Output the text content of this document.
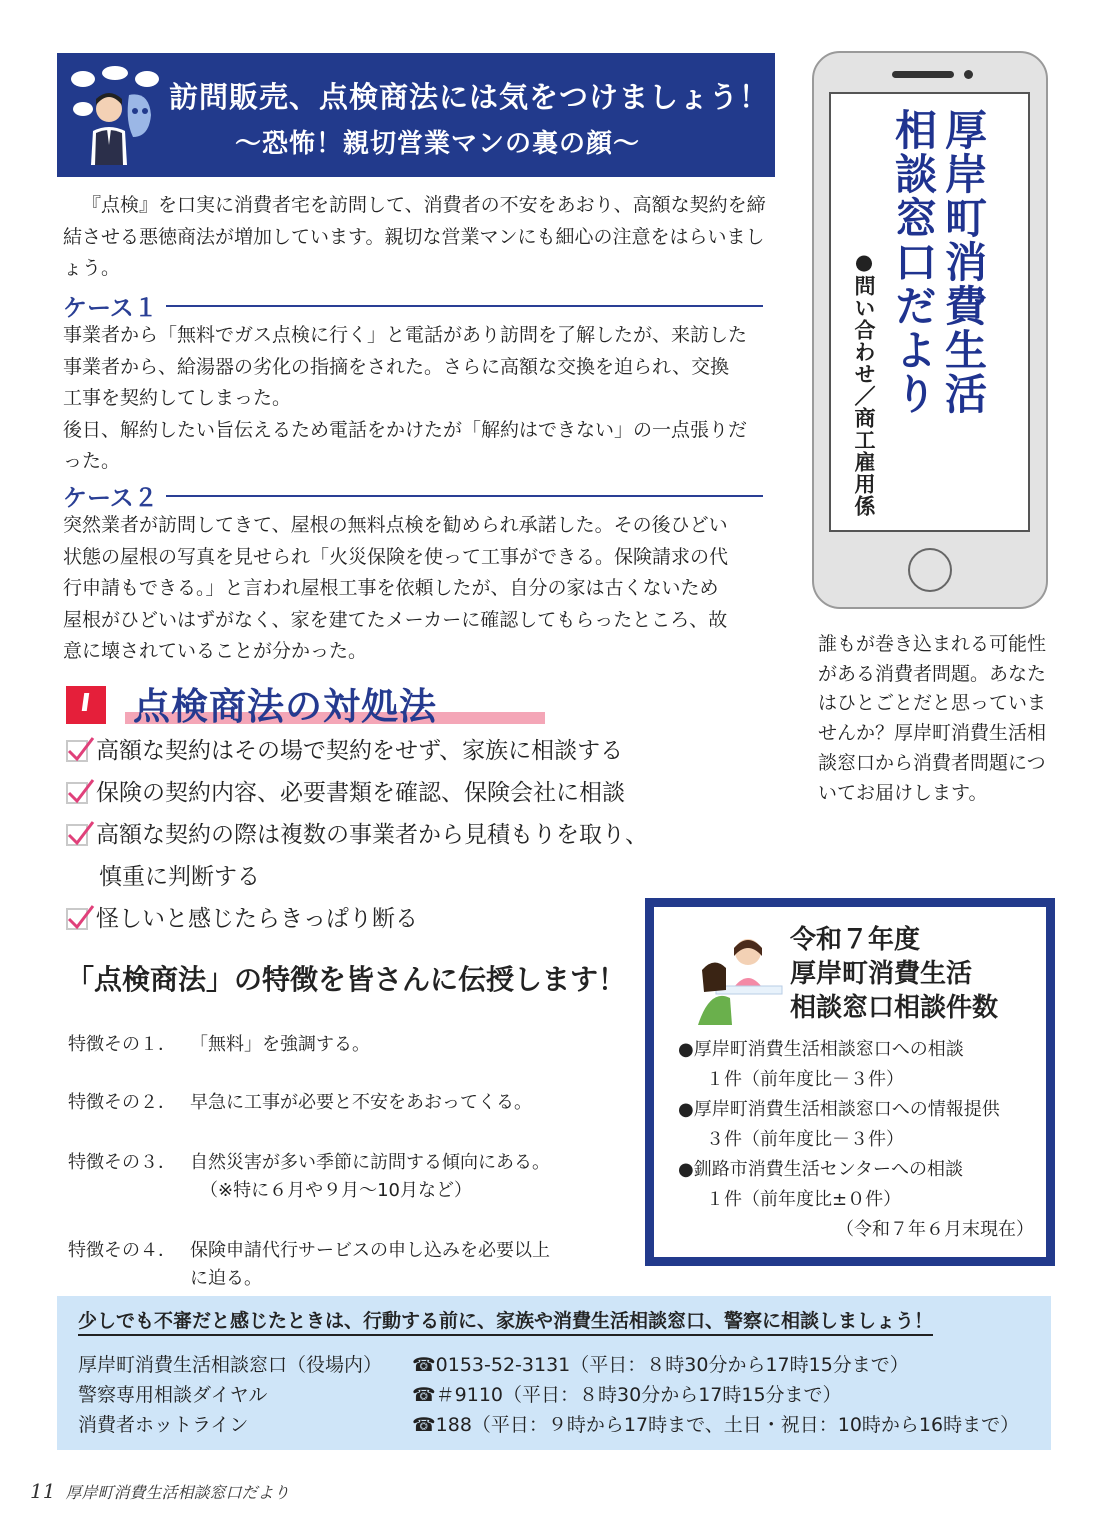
訪問販売、点検商法には気をつけましょう！
～恐怖！親切営業マンの裏の顔～
『点検』を口実に消費者宅を訪問して、消費者の不安をあおり、高額な契約を締結させる悪徳商法が増加しています。親切な営業マンにも細心の注意をはらいましょう。
ケース１
事業者から「無料でガス点検に行く」と電話があり訪問を了解したが、来訪した
事業者から、給湯器の劣化の指摘をされた。さらに高額な交換を迫られ、交換
工事を契約してしまった。
後日、解約したい旨伝えるため電話をかけたが「解約はできない」の一点張りだ
った。
ケース２
突然業者が訪問してきて、屋根の無料点検を勧められ承諾した。その後ひどい
状態の屋根の写真を見せられ「火災保険を使って工事ができる。保険請求の代
行申請もできる。」と言われ屋根工事を依頼したが、自分の家は古くないため
屋根がひどいはずがなく、家を建てたメーカーに確認してもらったところ、故
意に壊されていることが分かった。
点検商法の対処法
高額な契約はその場で契約をせず、家族に相談する
保険の契約内容、必要書類を確認、保険会社に相談
高額な契約の際は複数の事業者から見積もりを取り、
慎重に判断する
怪しいと感じたらきっぱり断る
「点検商法」の特徴を皆さんに伝授します！
特徴その１． 「無料」を強調する。
特徴その２． 早急に工事が必要と不安をあおってくる。
特徴その３． 自然災害が多い季節に訪問する傾向にある。
（※特に６月や９月～10月など）
特徴その４． 保険申請代行サービスの申し込みを必要以上
に迫る。
厚岸町消費生活
相談窓口だより
●問い合わせ／商工雇用係
誰もが巻き込まれる可能性がある消費者問題。あなたはひとごとだと思っていませんか？厚岸町消費生活相談窓口から消費者問題についてお届けします。
令和７年度
厚岸町消費生活
相談窓口相談件数
●厚岸町消費生活相談窓口への相談
１件（前年度比－３件）
●厚岸町消費生活相談窓口への情報提供
３件（前年度比－３件）
●釧路市消費生活センターへの相談
１件（前年度比±０件）
（令和７年６月末現在）
少しでも不審だと感じたときは、行動する前に、家族や消費生活相談窓口、警察に相談しましょう！
厚岸町消費生活相談窓口（役場内） ☎0153-52-3131（平日：８時30分から17時15分まで）
警察専用相談ダイヤル	☎＃9110（平日：８時30分から17時15分まで）
消費者ホットライン	☎188（平日：９時から17時まで、土日・祝日：10時から16時まで）
11 厚岸町消費生活相談窓口だより
